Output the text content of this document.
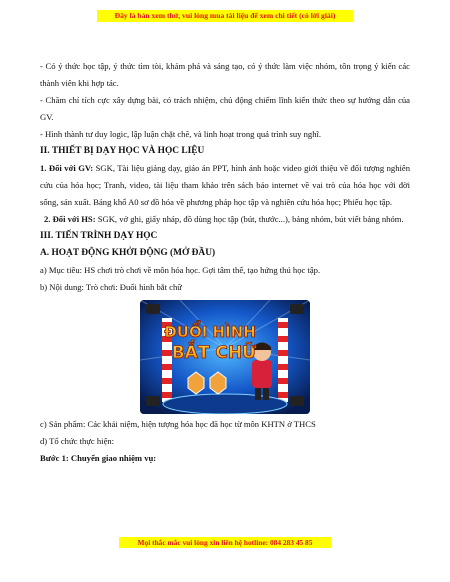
Đây là bản xem thử, vui lòng mua tài liệu để xem chi tiết (có lời giải)

- Có ý thức học tập, ý thức tìm tòi, khám phá và sáng tạo, có ý thức làm việc nhóm, tôn trọng ý kiến các thành viên khi hợp tác.

- Chăm chỉ tích cực xây dựng bài, có trách nhiệm, chủ động chiếm lĩnh kiến thức theo sự hướng dẫn của GV.

- Hình thành tư duy logic, lập luận chặt chẽ, và linh hoạt trong quá trình suy nghĩ.

II. THIẾT BỊ DẠY HỌC VÀ HỌC LIỆU

1. Đối với GV: SGK, Tài liệu giảng dạy, giáo án PPT, hình ảnh hoặc video giới thiệu về đối tượng nghiên cứu của hóa học; Tranh, video, tài liệu tham khảo trên sách báo internet về vai trò của hóa học với đời sống, sản xuất. Bảng khổ A0 sơ đồ hóa về phương pháp học tập và nghiên cứu hóa học; Phiếu học tập.

2. Đối với HS: SGK, vở ghi, giấy nháp, đồ dùng học tập (bút, thước...), bảng nhóm, bút viết bảng nhóm.

III. TIẾN TRÌNH DẠY HỌC

A. HOẠT ĐỘNG KHỞI ĐỘNG (MỞ ĐẦU)

a) Mục tiêu: HS chơi trò chơi về môn hóa học. Gợi tâm thế, tạo hứng thú học tập.

b) Nội dung: Trò chơi: Đuổi hình bắt chữ

ĐUỔI HÌNH
BẮT CHỮ

c) Sản phẩm: Các khái niệm, hiện tượng hóa học đã học từ môn KHTN ở THCS

d) Tổ chức thực hiện:

Bước 1: Chuyển giao nhiệm vụ:

Mọi thắc mắc vui lòng xin liên hệ hotline: 084 283 45 85
